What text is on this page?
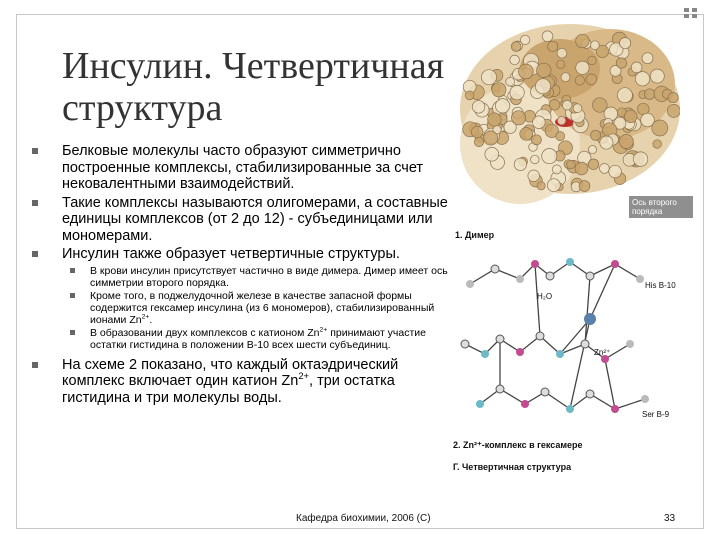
Инсулин. Четвертичная
структура
Ось второго порядка
1. Димер
His B-10
H₂O
Zn²⁺
Ser B-9
2. Zn²⁺-комплекс в гексамере
Г. Четвертичная структура
Белковые молекулы часто образуют симметрично построенные комплексы, стабилизированные за счет нековалентными взаимодействий.
Такие комплексы называются олигомерами, а составные единицы комплексов (от 2 до 12) - субъединицами или мономерами.
Инсулин также образует четвертичные структуры.
В крови инсулин присутствует частично в виде димера. Димер имеет ось симметрии второго порядка.
Кроме того, в поджелудочной железе в качестве запасной формы содержится гексамер инсулина (из 6 мономеров), стабилизированный ионами $Zn^{2+}$.
В образовании двух комплексов с катионом $Zn^{2+}$ принимают участие остатки гистидина в положении В-10 всех шести субъединиц.
На схеме 2 показано, что каждый октаэдрический комплекс включает один катион $Zn^{2+}$, три остатка гистидина и три молекулы воды.
Кафедра биохимии, 2006 (С)	33
